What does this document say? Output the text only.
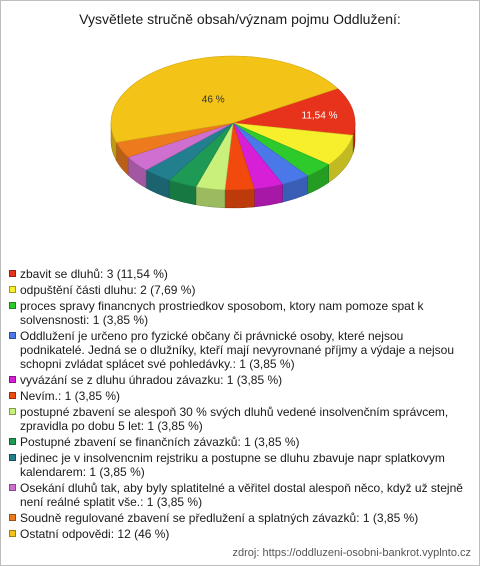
Vysvětlete stručně obsah/význam pojmu Oddlužení:
11,54 %
46 %
zbavit se dluhů: 3 (11,54 %)
odpuštění části dluhu: 2 (7,69 %)
proces spravy financnych prostriedkov sposobom, ktory nam pomoze spat k solvensnosti: 1 (3,85 %)
Oddlužení je určeno pro fyzické občany či právnické osoby, které nejsou podnikatelé. Jedná se o dlužníky, kteří mají nevyrovnané příjmy a výdaje a nejsou schopni zvládat splácet své pohledávky.: 1 (3,85 %)
vyvázání se z dluhu úhradou závazku: 1 (3,85 %)
Nevím.: 1 (3,85 %)
postupné zbavení se alespoň 30 % svých dluhů vedené insolvenčním správcem, zpravidla po dobu 5 let: 1 (3,85 %)
Postupné zbavení se finančních závazků: 1 (3,85 %)
jedinec je v insolvencnim rejstriku a postupne se dluhu zbavuje napr splatkovym kalendarem: 1 (3,85 %)
Osekání dluhů tak, aby byly splatitelné a věřitel dostal alespoň něco, když už stejně není reálné splatit vše.: 1 (3,85 %)
Soudně regulované zbavení se předlužení a splatných závazků: 1 (3,85 %)
Ostatní odpovědi: 12 (46 %)
zdroj: https://oddluzeni-osobni-bankrot.vyplnto.cz
